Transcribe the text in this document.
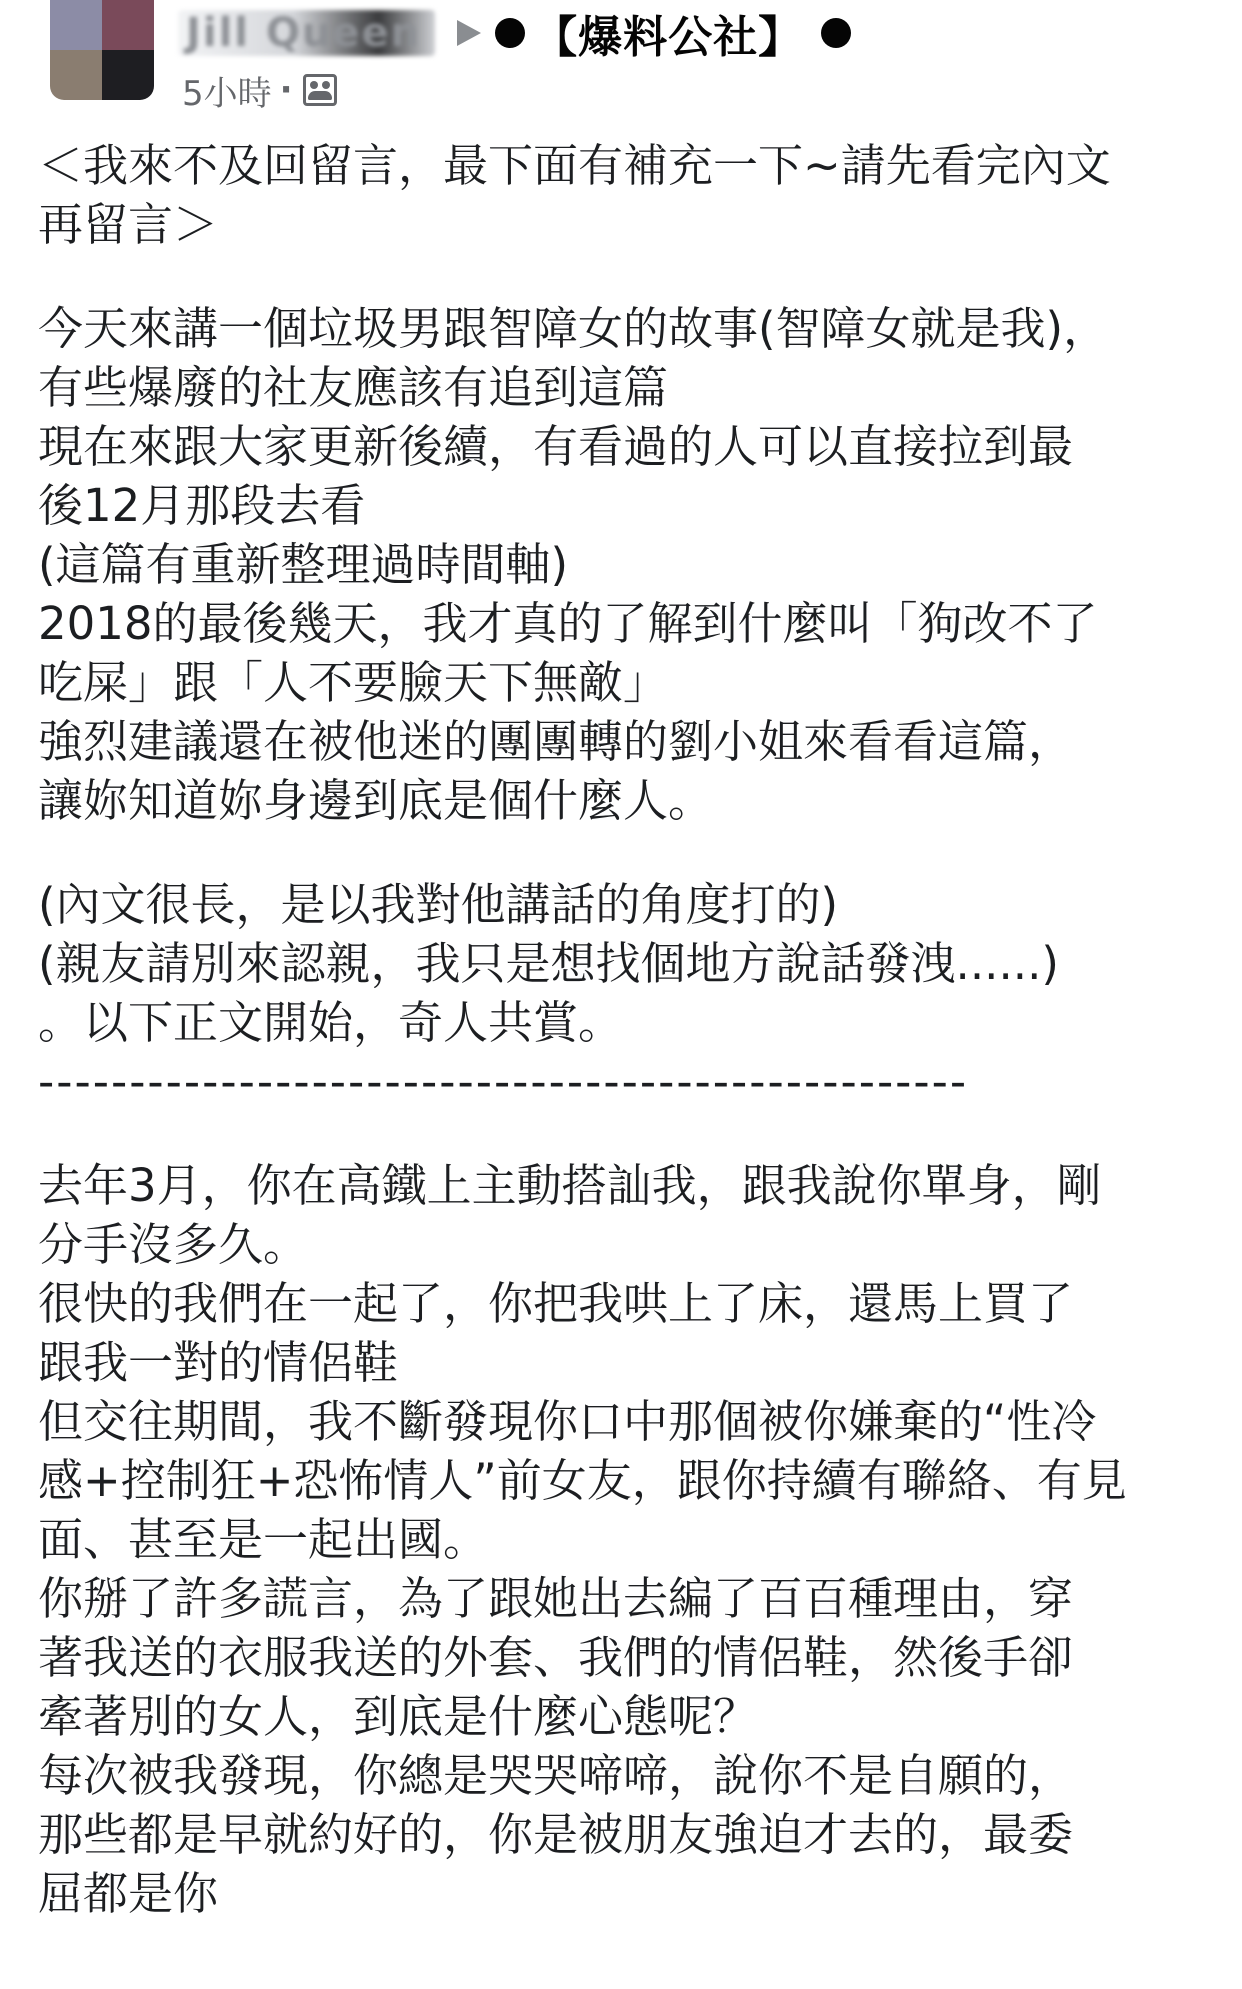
Jill Queen	【爆料公社】
5小時 ·
＜我來不及回留言，最下面有補充一下~請先看完內文
再留言＞
今天來講一個垃圾男跟智障女的故事(智障女就是我)，
有些爆廢的社友應該有追到這篇
現在來跟大家更新後續，有看過的人可以直接拉到最
後12月那段去看
(這篇有重新整理過時間軸)
2018的最後幾天，我才真的了解到什麼叫「狗改不了
吃屎」跟「人不要臉天下無敵」
強烈建議還在被他迷的團團轉的劉小姐來看看這篇，
讓妳知道妳身邊到底是個什麼人。
(內文很長，是以我對他講話的角度打的)
(親友請別來認親，我只是想找個地方說話發洩......)
。以下正文開始，奇人共賞。
---------------------------------------------------
去年3月，你在高鐵上主動搭訕我，跟我說你單身，剛
分手沒多久。
很快的我們在一起了，你把我哄上了床，還馬上買了
跟我一對的情侶鞋
但交往期間，我不斷發現你口中那個被你嫌棄的“性冷
感+控制狂+恐怖情人”前女友，跟你持續有聯絡、有見
面、甚至是一起出國。
你掰了許多謊言，為了跟她出去編了百百種理由，穿
著我送的衣服我送的外套、我們的情侶鞋，然後手卻
牽著別的女人，到底是什麼心態呢？
每次被我發現，你總是哭哭啼啼，說你不是自願的，
那些都是早就約好的，你是被朋友強迫才去的，最委
屈都是你
